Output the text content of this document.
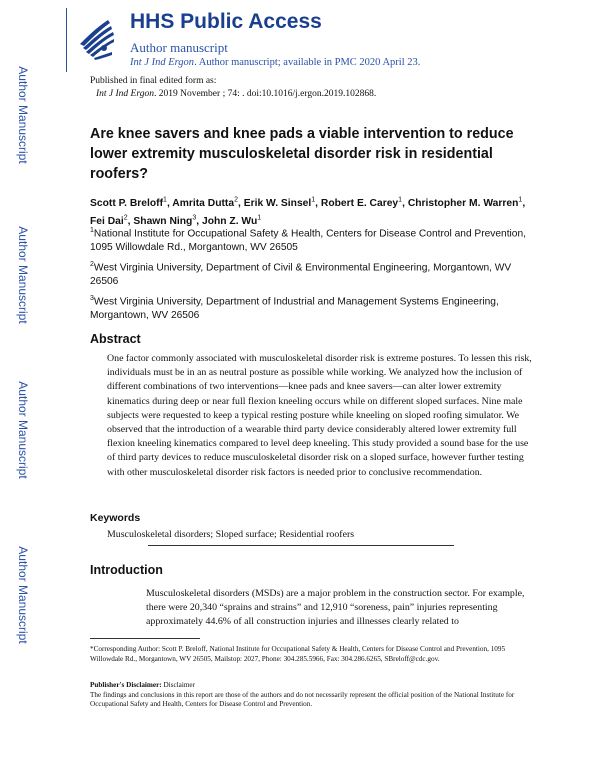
HHS Public Access
Author manuscript
Int J Ind Ergon. Author manuscript; available in PMC 2020 April 23.
Published in final edited form as:
Int J Ind Ergon. 2019 November ; 74: . doi:10.1016/j.ergon.2019.102868.
Author Manuscript
Author Manuscript
Author Manuscript
Author Manuscript
Are knee savers and knee pads a viable intervention to reduce lower extremity musculoskeletal disorder risk in residential roofers?
Scott P. Breloff$^1$, Amrita Dutta$^2$, Erik W. Sinsel$^1$, Robert E. Carey$^1$, Christopher M. Warren$^1$, Fei Dai$^2$, Shawn Ning$^3$, John Z. Wu$^1$
$^1$National Institute for Occupational Safety & Health, Centers for Disease Control and Prevention, 1095 Willowdale Rd., Morgantown, WV 26505
$^2$West Virginia University, Department of Civil & Environmental Engineering, Morgantown, WV 26506
$^3$West Virginia University, Department of Industrial and Management Systems Engineering, Morgantown, WV 26506
Abstract
One factor commonly associated with musculoskeletal disorder risk is extreme postures. To lessen this risk, individuals must be in an as neutral posture as possible while working. We analyzed how the inclusion of different combinations of two interventions—knee pads and knee savers—can alter lower extremity kinematics during deep or near full flexion kneeling occurs while on different sloped surfaces. Nine male subjects were requested to keep a typical resting posture while kneeling on sloped roofing simulator. We observed that the introduction of a wearable third party device considerably altered lower extremity full flexion kneeling kinematics compared to level deep kneeling. This study provided a sound base for the use of third party devices to reduce musculoskeletal disorder risk on a sloped surface, however further testing with other musculoskeletal disorder risk factors is needed prior to conclusive recommendation.
Keywords
Musculoskeletal disorders; Sloped surface; Residential roofers
Introduction
Musculoskeletal disorders (MSDs) are a major problem in the construction sector. For example, there were 20,340 “sprains and strains” and 12,910 “soreness, pain” injuries representing approximately 44.6% of all construction injuries and illnesses clearly related to
*Corresponding Author: Scott P. Breloff, National Institute for Occupational Safety & Health, Centers for Disease Control and Prevention, 1095 Willowdale Rd., Morgantown, WV 26505, Mailstop: 2027, Phone: 304.285.5966, Fax: 304.286.6265, SBreloff@cdc.gov.
Publisher's Disclaimer: Disclaimer
The findings and conclusions in this report are those of the authors and do not necessarily represent the official position of the National Institute for Occupational Safety and Health, Centers for Disease Control and Prevention.
